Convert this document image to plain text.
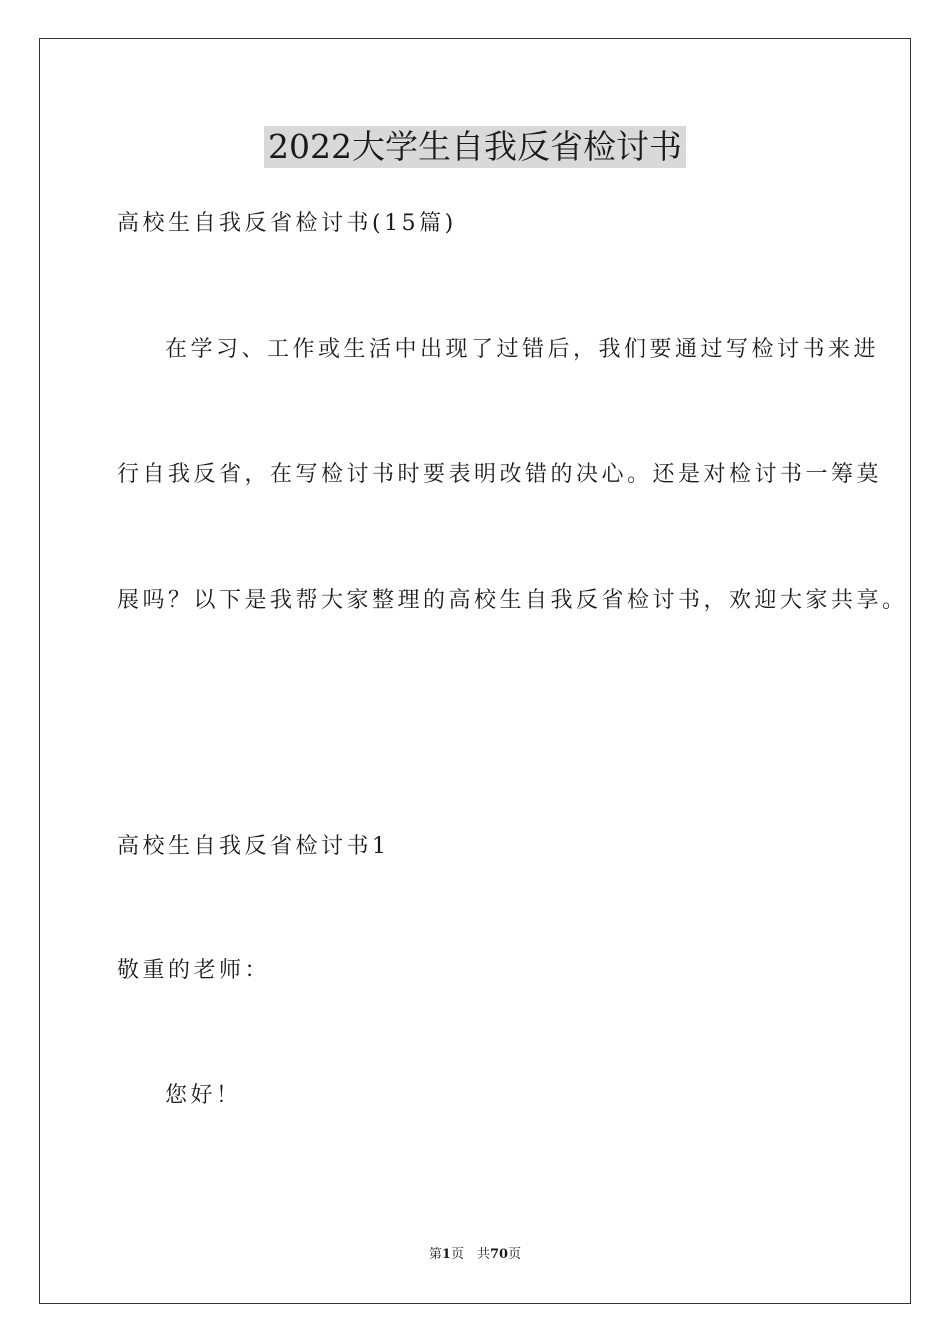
2022大学生自我反省检讨书
高校生自我反省检讨书(15篇)
在学习、工作或生活中出现了过错后，我们要通过写检讨书来进
行自我反省，在写检讨书时要表明改错的决心。还是对检讨书一筹莫
展吗？以下是我帮大家整理的高校生自我反省检讨书，欢迎大家共享。
高校生自我反省检讨书1
敬重的老师：
您好！
第1页　共70页
